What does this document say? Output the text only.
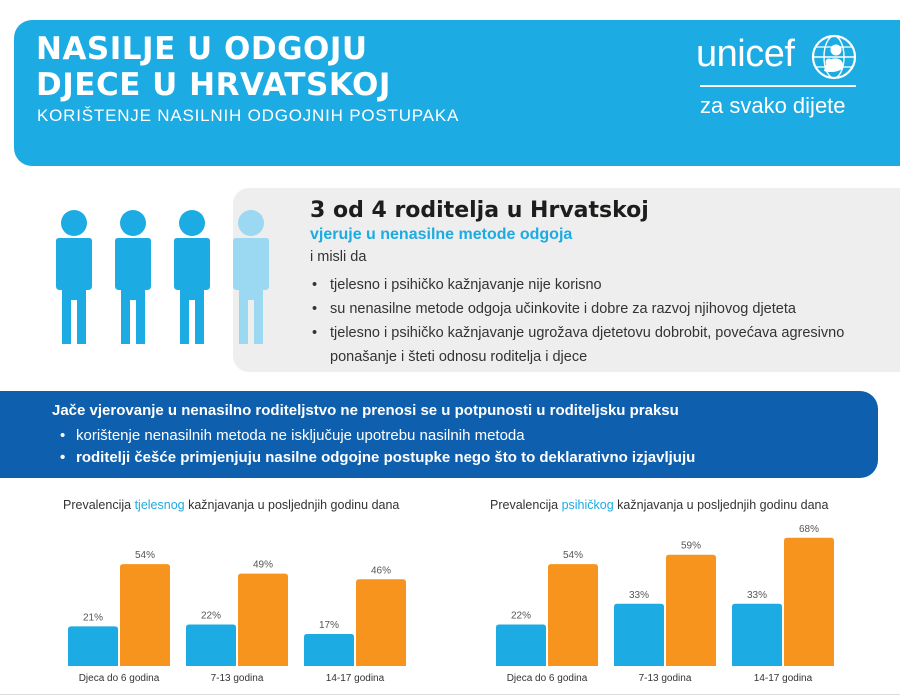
NASILJE U ODGOJU
DJECE U HRVATSKOJ
KORIŠTENJE NASILNIH ODGOJNIH POSTUPAKA
unicef
za svako dijete
3 od 4 roditelja u Hrvatskoj
vjeruje u nenasilne metode odgoja
i misli da
• tjelesno i psihičko kažnjavanje nije korisno
• su nenasilne metode odgoja učinkovite i dobre za razvoj njihovog djeteta
• tjelesno i psihičko kažnjavanje ugrožava djetetovu dobrobit, povećava agresivno ponašanje i šteti odnosu roditelja i djece
Jače vjerovanje u nenasilno roditeljstvo ne prenosi se u potpunosti u roditeljsku praksu
• korištenje nenasilnih metoda ne isključuje upotrebu nasilnih metoda
• roditelji češće primjenjuju nasilne odgojne postupke nego što to deklarativno izjavljuju
Prevalencija tjelesnog kažnjavanja u posljednjih godinu dana	Prevalencija psihičkog kažnjavanja u posljednjih godinu dana
21%
54%
Djeca do 6 godina
22%
49%
7-13 godina
17%
46%
14-17 godina
22%
54%
Djeca do 6 godina
33%
59%
7-13 godina
33%
68%
14-17 godina
